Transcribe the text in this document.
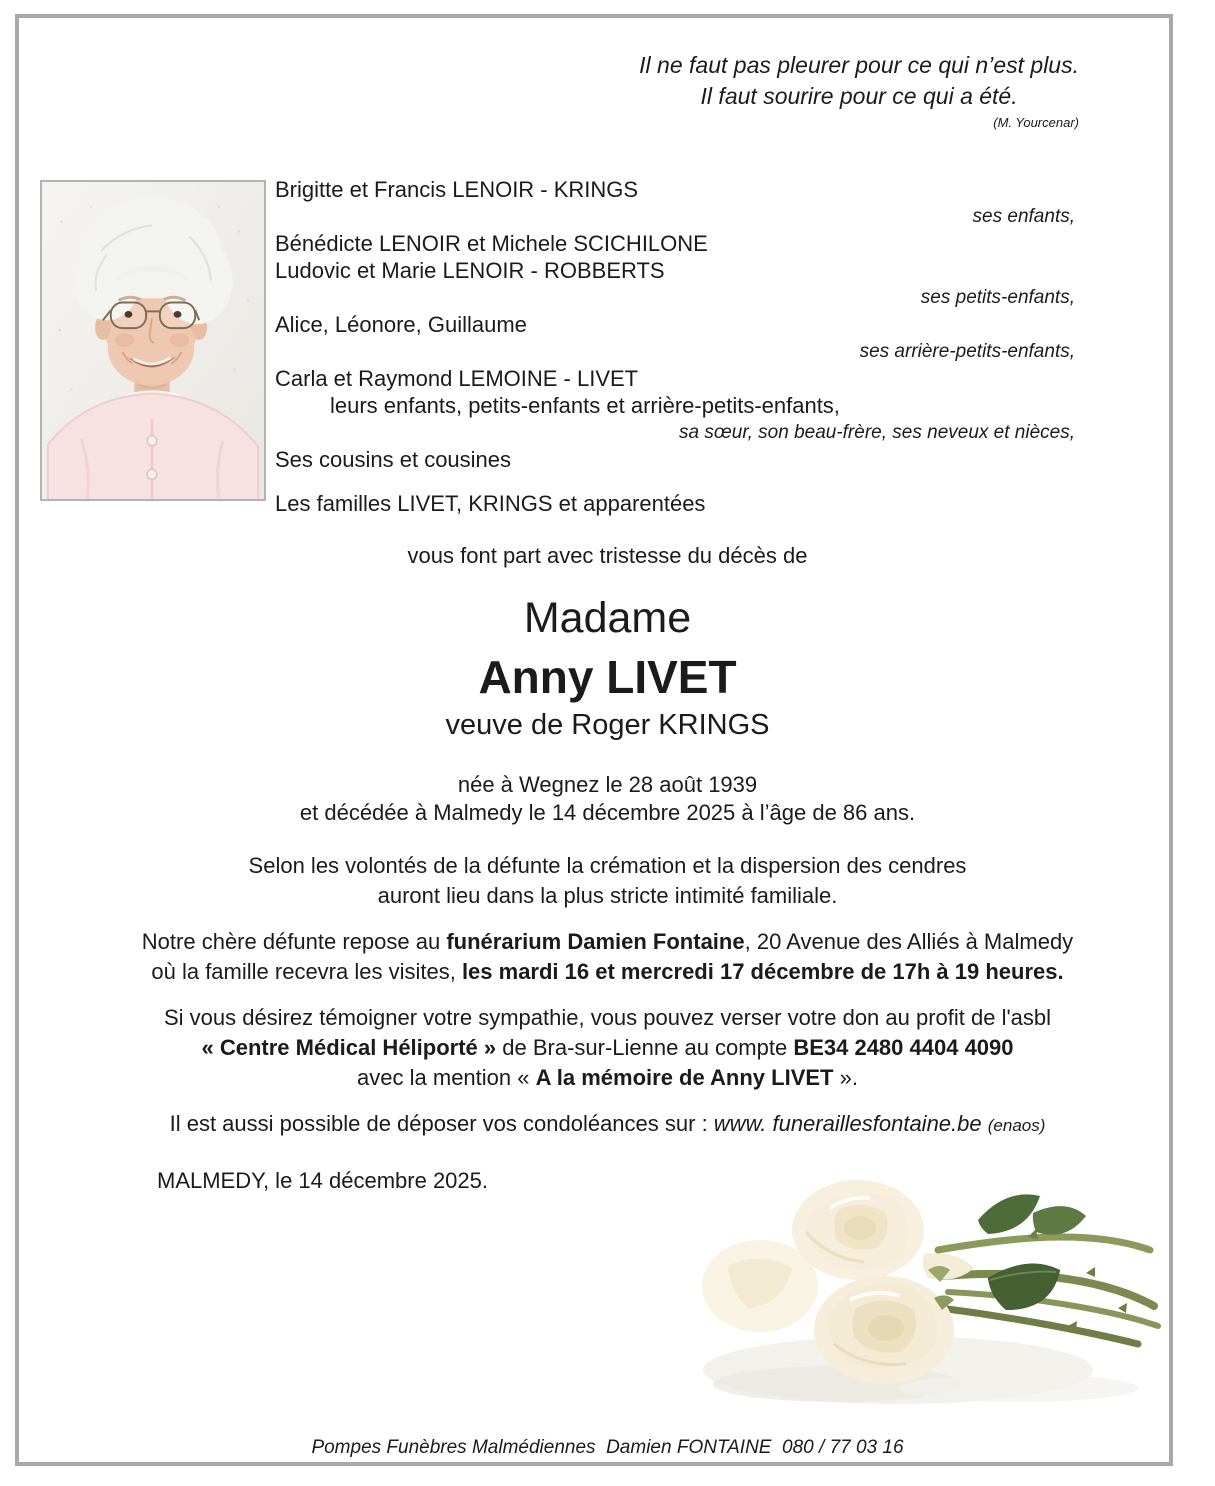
Il ne faut pas pleurer pour ce qui n’est plus.
Il faut sourire pour ce qui a été.
(M. Yourcenar)
Brigitte et Francis LENOIR - KRINGS
ses enfants,
Bénédicte LENOIR et Michele SCICHILONE
Ludovic et Marie LENOIR - ROBBERTS
ses petits-enfants,
Alice, Léonore, Guillaume
ses arrière-petits-enfants,
Carla et Raymond LEMOINE - LIVET
leurs enfants, petits-enfants et arrière-petits-enfants,
sa sœur, son beau-frère, ses neveux et nièces,
Ses cousins et cousines
Les familles LIVET, KRINGS et apparentées
vous font part avec tristesse du décès de
Madame
Anny LIVET
veuve de Roger KRINGS
née à Wegnez le 28 août 1939
et décédée à Malmedy le 14 décembre 2025 à l’âge de 86 ans.
Selon les volontés de la défunte la crémation et la dispersion des cendres
auront lieu dans la plus stricte intimité familiale.
Notre chère défunte repose au funérarium Damien Fontaine, 20 Avenue des Alliés à Malmedy
où la famille recevra les visites, les mardi 16 et mercredi 17 décembre de 17h à 19 heures.
Si vous désirez témoigner votre sympathie, vous pouvez verser votre don au profit de l'asbl
« Centre Médical Héliporté » de Bra-sur-Lienne au compte BE34 2480 4404 4090
avec la mention « A la mémoire de Anny LIVET ».
Il est aussi possible de déposer vos condoléances sur : www. funeraillesfontaine.be (enaos)
MALMEDY, le 14 décembre 2025.
Pompes Funèbres Malmédiennes  Damien FONTAINE  080 / 77 03 16
